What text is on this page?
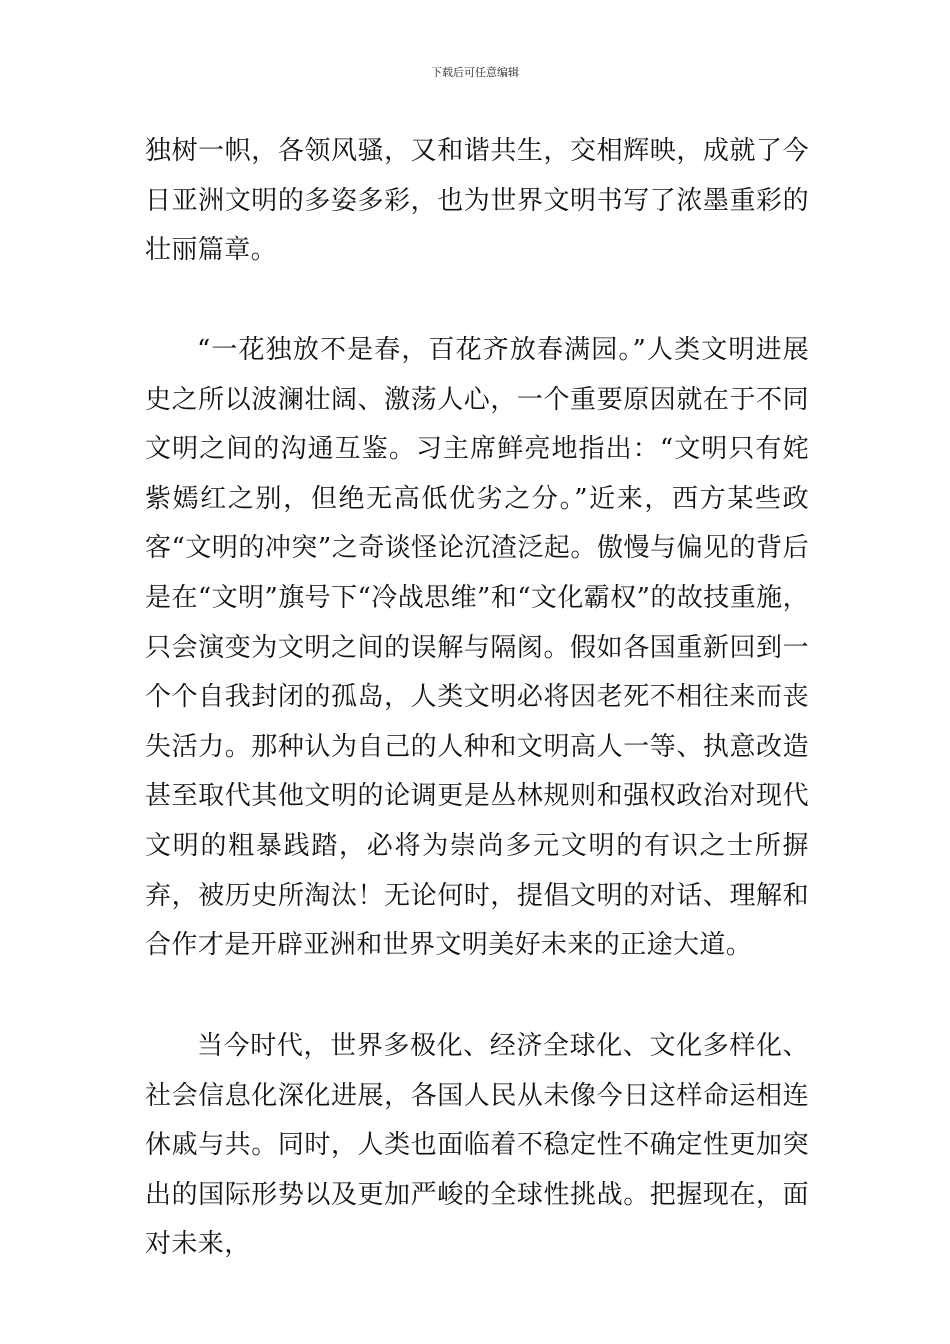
下载后可任意编辑

独树一帜，各领风骚，又和谐共生，交相辉映，成就了今日亚洲文明的多姿多彩，也为世界文明书写了浓墨重彩的壮丽篇章。

“一花独放不是春，百花齐放春满园。”人类文明进展史之所以波澜壮阔、激荡人心，一个重要原因就在于不同文明之间的沟通互鉴。习主席鲜亮地指出：“文明只有姹紫嫣红之别，但绝无高低优劣之分。”近来，西方某些政客“文明的冲突”之奇谈怪论沉渣泛起。傲慢与偏见的背后是在“文明”旗号下“冷战思维”和“文化霸权”的故技重施，只会演变为文明之间的误解与隔阂。假如各国重新回到一个个自我封闭的孤岛，人类文明必将因老死不相往来而丧失活力。那种认为自己的人种和文明高人一等、执意改造甚至取代其他文明的论调更是丛林规则和强权政治对现代文明的粗暴践踏，必将为崇尚多元文明的有识之士所摒弃，被历史所淘汰！无论何时，提倡文明的对话、理解和合作才是开辟亚洲和世界文明美好未来的正途大道。

当今时代，世界多极化、经济全球化、文化多样化、社会信息化深化进展，各国人民从未像今日这样命运相连休戚与共。同时，人类也面临着不稳定性不确定性更加突出的国际形势以及更加严峻的全球性挑战。把握现在，面对未来，
